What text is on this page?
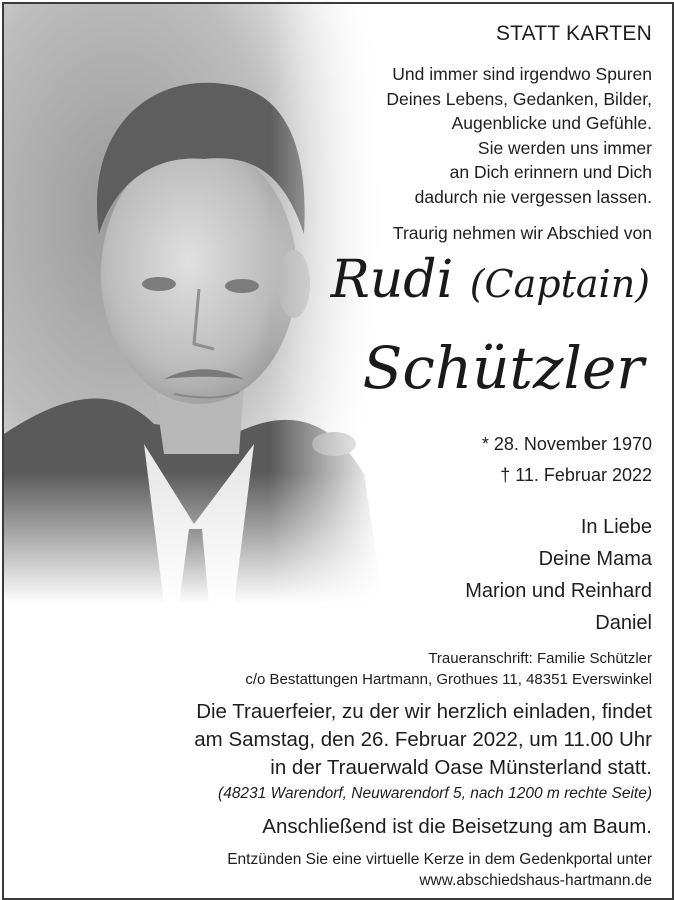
STATT KARTEN
Und immer sind irgendwo Spuren
Deines Lebens, Gedanken, Bilder,
Augenblicke und Gefühle.
Sie werden uns immer
an Dich erinnern und Dich
dadurch nie vergessen lassen.
Traurig nehmen wir Abschied von
Rudi (Captain)
Schützler
* 28. November 1970
† 11. Februar 2022
In Liebe
Deine Mama
Marion und Reinhard
Daniel
Traueranschrift: Familie Schützler
c/o Bestattungen Hartmann, Grothues 11, 48351 Everswinkel
Die Trauerfeier, zu der wir herzlich einladen, findet
am Samstag, den 26. Februar 2022, um 11.00 Uhr
in der Trauerwald Oase Münsterland statt.
(48231 Warendorf, Neuwarendorf 5, nach 1200 m rechte Seite)
Anschließend ist die Beisetzung am Baum.
Entzünden Sie eine virtuelle Kerze in dem Gedenkportal unter
www.abschiedshaus-hartmann.de
